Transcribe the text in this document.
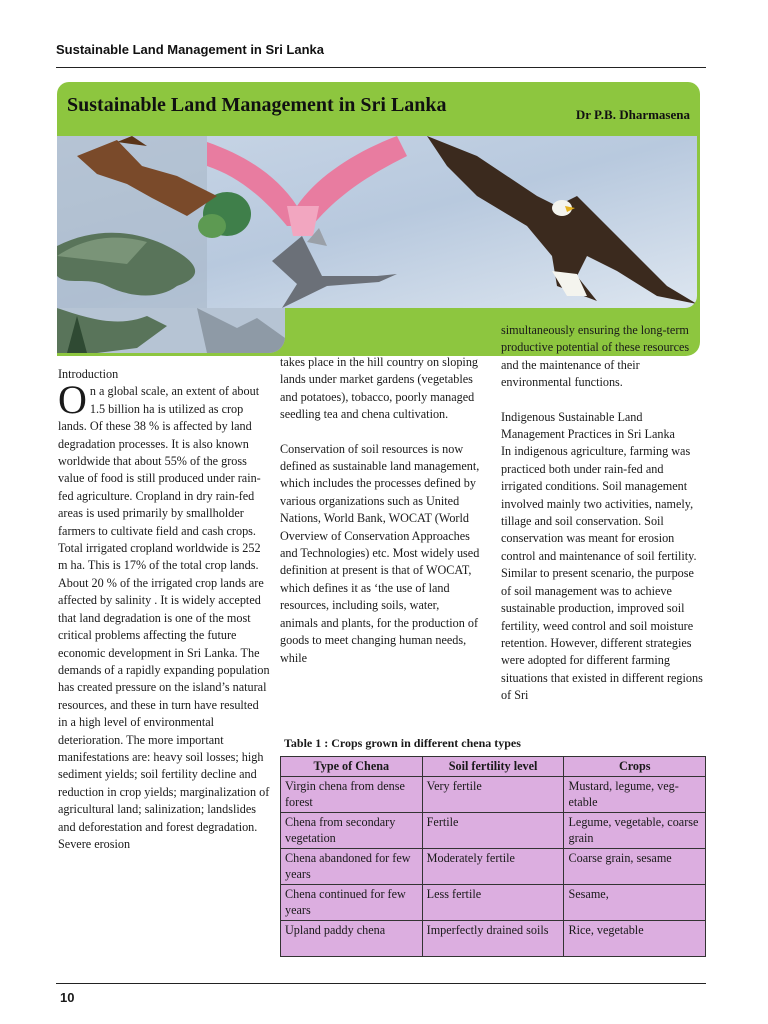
Sustainable Land Management in Sri Lanka
Sustainable Land Management in Sri Lanka	Dr P.B. Dharmasena

Introduction

On a global scale, an extent of about 1.5 billion ha is utilized as crop lands. Of these 38 % is affected by land degradation processes. It is also known worldwide that about 55% of the gross value of food is still produced under rain-fed agriculture. Cropland in dry rain-fed areas is used primarily by smallholder farmers to cultivate field and cash crops. Total irrigated cropland worldwide is 252 m ha. This is 17% of the total crop lands. About 20 % of the irrigated crop lands are affected by salinity . It is widely accepted that land degradation is one of the most critical problems affecting the future economic development in Sri Lanka. The demands of a rapidly expanding population has created pressure on the island’s natural resources, and these in turn have resulted in a high level of environmental deterioration. The more important manifestations are: heavy soil losses; high sediment yields; soil fertility decline and reduction in crop yields; marginalization of agricultural land; salinization; landslides and deforestation and forest degradation. Severe erosion

takes place in the hill country on sloping lands under market gardens (vegetables and potatoes), tobacco, poorly managed seedling tea and chena cultivation.

Conservation of soil resources is now defined as sustainable land management, which includes the processes defined by various organizations such as United Nations, World Bank, WOCAT (World Overview of Conservation Approaches and Technologies) etc. Most widely used definition at present is that of WOCAT, which defines it as ‘the use of land resources, including soils, water, animals and plants, for the production of goods to meet changing human needs, while

simultaneously ensuring the long-term productive potential of these resources and the maintenance of their environmental functions.

Indigenous Sustainable Land Management Practices in Sri Lanka

In indigenous agriculture, farming was practiced both under rain-fed and irrigated conditions. Soil management involved mainly two activities, namely, tillage and soil conservation. Soil conservation was meant for erosion control and maintenance of soil fertility. Similar to present scenario, the purpose of soil management was to achieve sustainable production, improved soil fertility, weed control and soil moisture retention. However, different strategies were adopted for different farming situations that existed in different regions of Sri

Table 1 : Crops grown in different chena types
Type of Chena	Soil fertility level	Crops
Virgin chena from dense forest	Very fertile	Mustard, legume, veg-etable
Chena from secondary vegetation	Fertile	Legume, vegetable, coarse grain
Chena abandoned for few years	Moderately fertile	Coarse grain, sesame
Chena continued for few years	Less fertile	Sesame,
Upland paddy chena	Imperfectly drained soils	Rice, vegetable
10
